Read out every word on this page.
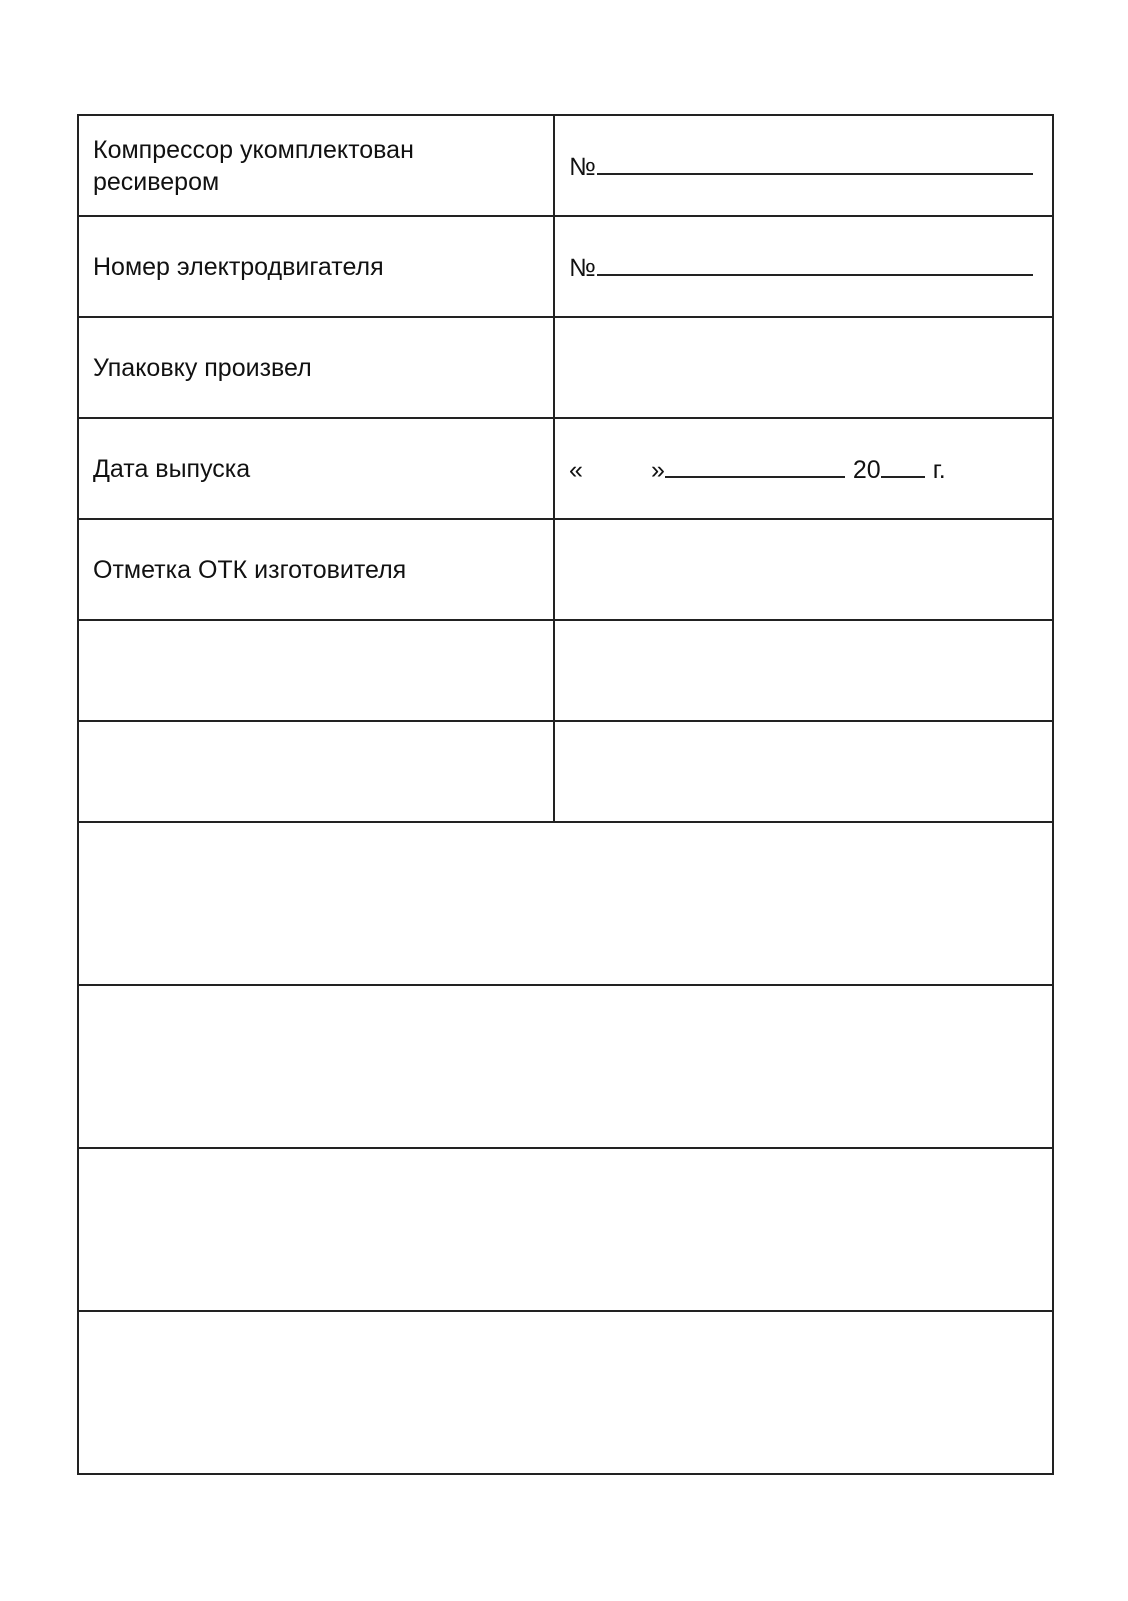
Компрессор укомплектован ресивером	№
Номер электродвигателя	№
Упаковку произвел	
Дата выпуска	« » 20 г.
Отметка ОТК изготовителя	
